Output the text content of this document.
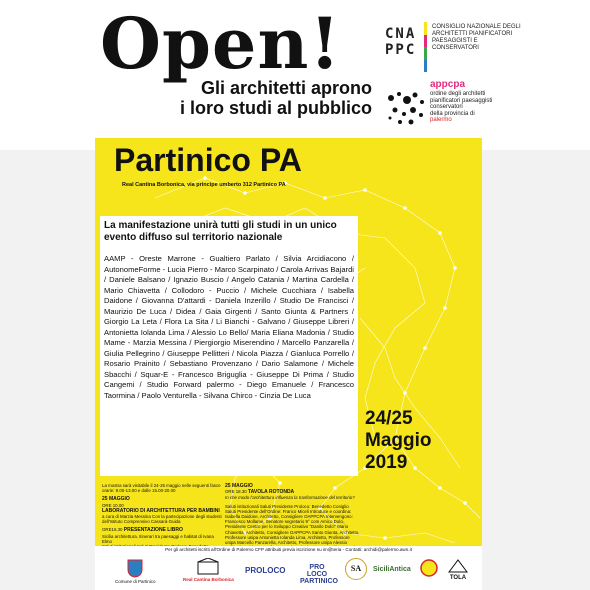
Open!
Gli architetti aprono
i loro studi al pubblico
CNA
PPC
CONSIGLIO NAZIONALE DEGLI ARCHITETTI PIANIFICATORI PAESAGGISTI E CONSERVATORI
appcpa
ordine degli architetti
pianificatori paesaggisti
conservatori
della provincia di
palermo
Partinico PA
Real Cantina Borbonica, via principe umberto 312 Partinico PA
La manifestazione unirà tutti gli studi in un unico evento diffuso sul territorio nazionale
AAMP - Oreste Marrone - Gualtiero Parlato / Silvia Arcidiacono / AutonomeForme - Lucia Pierro - Marco Scarpinato / Carola Arrivas Bajardi / Daniele Balsano / Ignazio Buscio / Angelo Catania / Martina Cardella / Mario Chiavetta / Collodoro - Puccio / Michele Cucchiara / Isabella Daidone / Giovanna D'attardi - Daniela Inzerillo / Studio De Francisci / Maurizio De Luca / Didea / Gaia Girgenti / Santo Giunta & Partners / Giorgio La Leta / Flora La Sita / Li Bianchi - Galvano / Giuseppe Libreri / Antonietta Iolanda Lima / Alessio Lo Bello/ Maria Eliana Madonia / Studio Mame - Marzia Messina / Piergiorgio Miserendino / Marcello Panzarella / Giulia Pellegrino / Giuseppe Pellitteri / Nicola Piazza / Gianluca Porrello / Rosario Prainito / Sebastiano Provenzano / Dario Salamone / Michele Sbacchi / Squar-E - Francesco Briguglia - Giuseppe Di Prima / Studio Cangemi / Studio Forward palermo - Diego Emanuele / Francesco Taormina / Paolo Venturella - Silvana Chirco - Cinzia De Luca
24/25
Maggio
2019
La mostra sarà visitabile il 24-25 maggio nelle seguenti fasce orarie: 9.00-13.00 e dalle 15.00-20.00
25 MAGGIO
ORE 10.00
LABORATORIO DI ARCHITETTURA PER BAMBINI
a cura di Marzia Messina Con la partecipazione degli studenti dell'Istituto Comprensivo Cassarà-Guida
ORE16.30 PRESENTAZIONE LIBRO
Sicilia architettura. Itinerari tra paesaggi e habitat di Ivana Elmo
25 MAGGIO
ORE 18.30 TAVOLA ROTONDA
In che modo l'architettura influenza la trasformazione del territorio?
Saluti istituzionali Saluti Presidente Proloco: Benedetto Coniglio Saluti Presidente dell'Ordine: Franco Miceli Introduce e coordina: Isabella Daidone, Architetto, Consigliere OAPPCPA Intervengono: Francesco Mollame, Senatore segretario 9° com Amico Dolci, Presidente Centro per lo Sviluppo Creativo "Danilo Dolci" Mario Chiavetta, Architetto, Consigliere OAPPCPA Santo Giunta, Architetto, Professore unipa Antonietta Iolanda Lima, Architetto, Professore unipa Marcello Panzarella, Architetto, Professore unipa Alessio
Per gli architetti iscritti all'Ordine di Palermo CFP attribuiti previa iscrizione su im@teria - Contatti: archidi@palermo.awn.it
Comune di Partinico	Real Cantina Borbonica
PROLOCO	PRO LOCO PARTINICO
SA	SiciliAntica
TOLA
